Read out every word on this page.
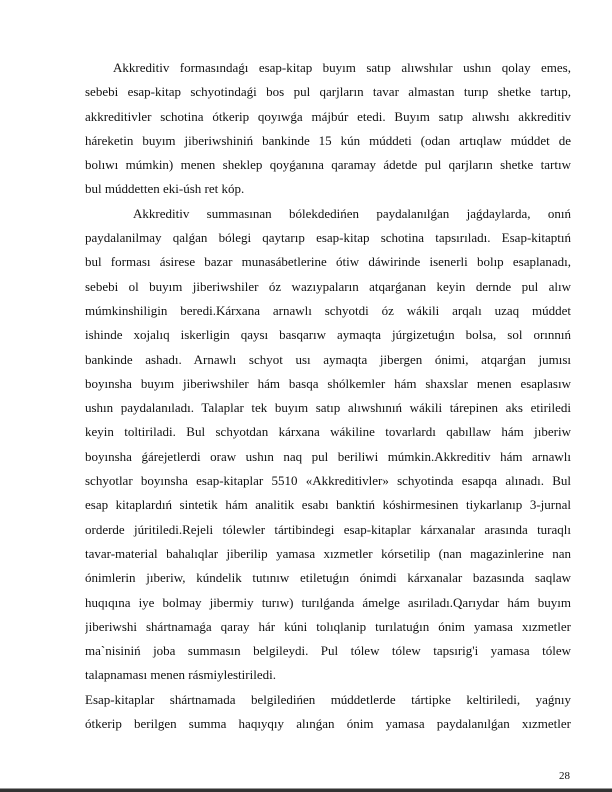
Akkreditiv formasındaǵı esap-kitap buyım satıp alıwshılar ushın qolay emes,
sebebi esap-kitap schyotindaǵi bos pul qarjların tavar almastan turıp shetke tartıp,
akkreditivler schotina ótkerip qoyıwǵa májbúr etedi. Buyım satıp alıwshı akkreditiv
háreketin buyım jiberiwshiniń bankinde 15 kún múddeti (odan artıqlaw múddet de
bolıwı múmkin) menen sheklep qoyǵanına qaramay ádetde pul qarjların shetke tartıw
bul múddetten eki-úsh ret kóp.
Akkreditiv summasınan bólekdedińen paydalanılǵan jaǵdaylarda, onıń
paydalanilmay qalǵan bólegi qaytarıp esap-kitap schotina tapsırıladı. Esap-kitaptıń
bul forması ásirese bazar munasábetlerine ótiw dáwirinde isenerli bolıp esaplanadı,
sebebi ol buyım jiberiwshiler óz wazıypaların atqarǵanan keyin dernde pul alıw
múmkinshiligin beredi.Kárxana arnawlı schyotdi óz wákili arqalı uzaq múddet
ishinde xojalıq iskerligin qaysı basqarıw aymaqta júrgizetuǵın bolsa, sol orınnıń
bankinde ashadı. Arnawlı schyot usı aymaqta jibergen ónimi, atqarǵan jumısı
boyınsha buyım jiberiwshiler hám basqa shólkemler hám shaxslar menen esaplasıw
ushın paydalanıladı. Talaplar tek buyım satıp alıwshınıń wákili tárepinen aks etiriledi
keyin toltiriladi. Bul schyotdan kárxana wákiline tovarlardı qabıllaw hám jıberiw
boyınsha ǵárejetlerdi oraw ushın naq pul beriliwi múmkin.Akkreditiv hám arnawlı
schyotlar boyınsha esap-kitaplar 5510 «Akkreditivler» schyotinda esapqa alınadı. Bul
esap kitaplardıń sintetik hám analitik esabı banktiń kóshirmesinen tiykarlanıp 3-jurnal
orderde júritiledi.Rejeli tólewler tártibindegi esap-kitaplar kárxanalar arasında turaqlı
tavar-material bahalıqlar jiberilip yamasa xızmetler kórsetilip (nan magazinlerine nan
ónimlerin jıberiw, kúndelik tutınıw etiletuǵın ónimdi kárxanalar bazasında saqlaw
huqıqına iye bolmay jibermiy turıw) turılǵanda ámelge asıriladı.Qarıydar hám buyım
jiberiwshi shártnamaǵa qaray hár kúni tolıqlanip turılatuǵın ónim yamasa xızmetler
ma`nisiniń joba summasın belgileydi. Pul tólew tólew tapsırig'i yamasa tólew
talapnaması menen rásmiylestiriledi.
Esap-kitaplar shártnamada belgiledińen múddetlerde tártipke keltiriledi, yaǵnıy
ótkerip berilgen summa haqıyqıy alınǵan ónim yamasa paydalanılǵan xızmetler
28
